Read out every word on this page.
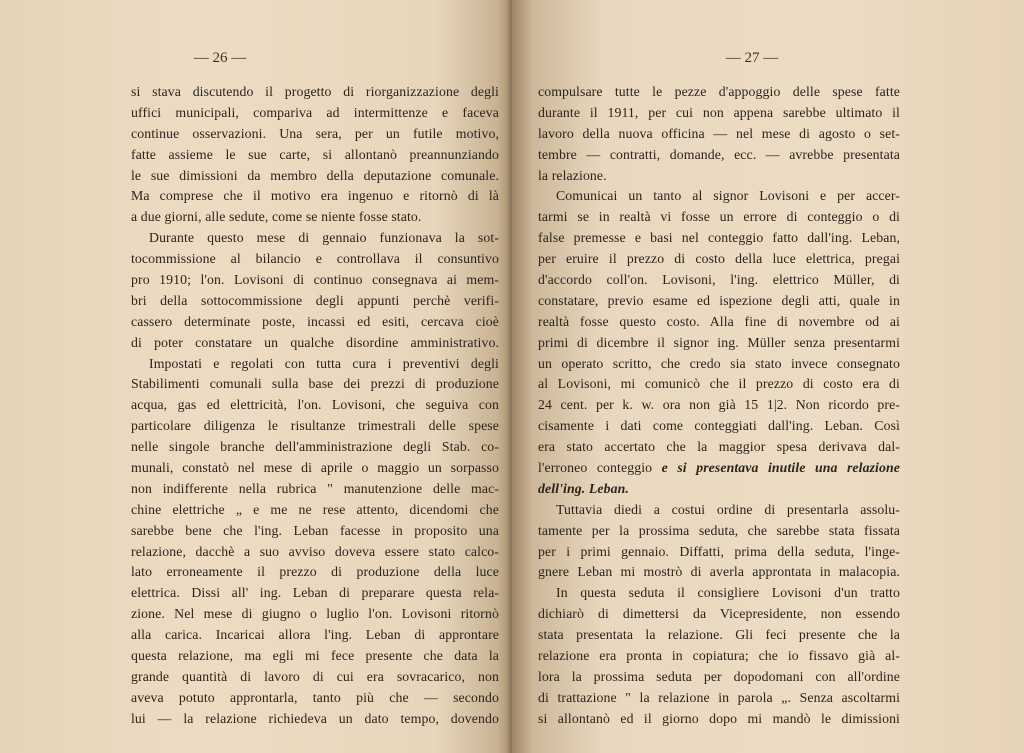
— 26 —
si stava discutendo il progetto di riorganizzazione degli
uffici municipali, compariva ad intermittenze e faceva
continue osservazioni. Una sera, per un futile motivo,
fatte assieme le sue carte, si allontanò preannunziando
le sue dimissioni da membro della deputazione comunale.
Ma comprese che il motivo era ingenuo e ritornò di là
a due giorni, alle sedute, come se niente fosse stato.
Durante questo mese di gennaio funzionava la sot-
tocommissione al bilancio e controllava il consuntivo
pro 1910; l'on. Lovisoni di continuo consegnava ai mem-
bri della sottocommissione degli appunti perchè verifi-
cassero determinate poste, incassi ed esiti, cercava cioè
di poter constatare un qualche disordine amministrativo.
Impostati e regolati con tutta cura i preventivi degli
Stabilimenti comunali sulla base dei prezzi di produzione
acqua, gas ed elettricità, l'on. Lovisoni, che seguiva con
particolare diligenza le risultanze trimestrali delle spese
nelle singole branche dell'amministrazione degli Stab. co-
munali, constatò nel mese di aprile o maggio un sorpasso
non indifferente nella rubrica " manutenzione delle mac-
chine elettriche „ e me ne rese attento, dicendomi che
sarebbe bene che l'ing. Leban facesse in proposito una
relazione, dacchè a suo avviso doveva essere stato calco-
lato erroneamente il prezzo di produzione della luce
elettrica. Dissi all' ing. Leban di preparare questa rela-
zione. Nel mese di giugno o luglio l'on. Lovisoni ritornò
alla carica. Incaricai allora l'ing. Leban di approntare
questa relazione, ma egli mi fece presente che data la
grande quantità di lavoro di cui era sovracarico, non
aveva potuto approntarla, tanto più che — secondo
lui — la relazione richiedeva un dato tempo, dovendo
— 27 —
compulsare tutte le pezze d'appoggio delle spese fatte
durante il 1911, per cui non appena sarebbe ultimato il
lavoro della nuova officina — nel mese di agosto o set-
tembre — contratti, domande, ecc. — avrebbe presentata
la relazione.
Comunicai un tanto al signor Lovisoni e per accer-
tarmi se in realtà vi fosse un errore di conteggio o di
false premesse e basi nel conteggio fatto dall'ing. Leban,
per eruire il prezzo di costo della luce elettrica, pregai
d'accordo coll'on. Lovisoni, l'ing. elettrico Müller, di
constatare, previo esame ed ispezione degli atti, quale in
realtà fosse questo costo. Alla fine di novembre od ai
primi di dicembre il signor ing. Müller senza presentarmi
un operato scritto, che credo sia stato invece consegnato
al Lovisoni, mi comunicò che il prezzo di costo era di
24 cent. per k. w. ora non già 15 1|2. Non ricordo pre-
cisamente i dati come conteggiati dall'ing. Leban. Così
era stato accertato che la maggior spesa derivava dal-
l'erroneo conteggio e si presentava inutile una relazione
dell'ing. Leban.
Tuttavia diedi a costui ordine di presentarla assolu-
tamente per la prossima seduta, che sarebbe stata fissata
per i primi gennaio. Diffatti, prima della seduta, l'inge-
gnere Leban mi mostrò di averla approntata in malacopia.
In questa seduta il consigliere Lovisoni d'un tratto
dichiarò di dimettersi da Vicepresidente, non essendo
stata presentata la relazione. Gli feci presente che la
relazione era pronta in copiatura; che io fissavo già al-
lora la prossima seduta per dopodomani con all'ordine
di trattazione " la relazione in parola „. Senza ascoltarmi
si allontanò ed il giorno dopo mi mandò le dimissioni
